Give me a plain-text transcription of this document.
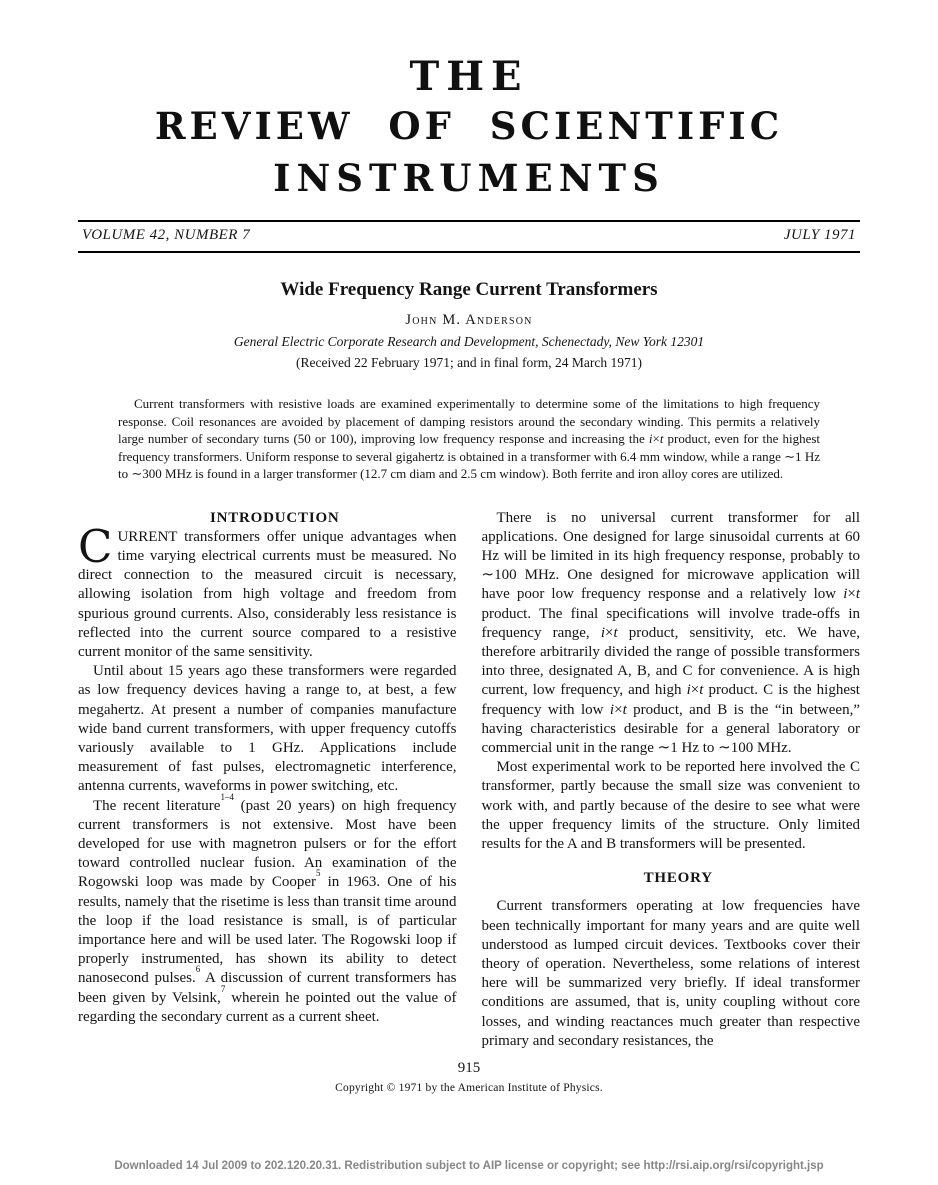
THE
REVIEW OF SCIENTIFIC
INSTRUMENTS
VOLUME 42, NUMBER 7	JULY 1971
Wide Frequency Range Current Transformers
John M. Anderson
General Electric Corporate Research and Development, Schenectady, New York 12301
(Received 22 February 1971; and in final form, 24 March 1971)
Current transformers with resistive loads are examined experimentally to determine some of the limitations to high frequency response. Coil resonances are avoided by placement of damping resistors around the secondary winding. This permits a relatively large number of secondary turns (50 or 100), improving low frequency response and increasing the i×t product, even for the highest frequency transformers. Uniform response to several gigahertz is obtained in a transformer with 6.4 mm window, while a range ∼1 Hz to ∼300 MHz is found in a larger transformer (12.7 cm diam and 2.5 cm window). Both ferrite and iron alloy cores are utilized.

INTRODUCTION

CURRENT transformers offer unique advantages when time varying electrical currents must be measured. No direct connection to the measured circuit is necessary, allowing isolation from high voltage and freedom from spurious ground currents. Also, considerably less resistance is reflected into the current source compared to a resistive current monitor of the same sensitivity.

Until about 15 years ago these transformers were regarded as low frequency devices having a range to, at best, a few megahertz. At present a number of companies manufacture wide band current transformers, with upper frequency cutoffs variously available to 1 GHz. Applications include measurement of fast pulses, electromagnetic interference, antenna currents, waveforms in power switching, etc.

The recent literature$^{1-4}$ (past 20 years) on high frequency current transformers is not extensive. Most have been developed for use with magnetron pulsers or for the effort toward controlled nuclear fusion. An examination of the Rogowski loop was made by Cooper$^5$ in 1963. One of his results, namely that the risetime is less than transit time around the loop if the load resistance is small, is of particular importance here and will be used later. The Rogowski loop if properly instrumented, has shown its ability to detect nanosecond pulses.$^6$ A discussion of current transformers has been given by Velsink,$^7$ wherein he pointed out the value of regarding the secondary current as a current sheet.

There is no universal current transformer for all applications. One designed for large sinusoidal currents at 60 Hz will be limited in its high frequency response, probably to ∼100 MHz. One designed for microwave application will have poor low frequency response and a relatively low i×t product. The final specifications will involve trade-offs in frequency range, i×t product, sensitivity, etc. We have, therefore arbitrarily divided the range of possible transformers into three, designated A, B, and C for convenience. A is high current, low frequency, and high i×t product. C is the highest frequency with low i×t product, and B is the “in between,” having characteristics desirable for a general laboratory or commercial unit in the range ∼1 Hz to ∼100 MHz.

Most experimental work to be reported here involved the C transformer, partly because the small size was convenient to work with, and partly because of the desire to see what were the upper frequency limits of the structure. Only limited results for the A and B transformers will be presented.

THEORY

Current transformers operating at low frequencies have been technically important for many years and are quite well understood as lumped circuit devices. Textbooks cover their theory of operation. Nevertheless, some relations of interest here will be summarized very briefly. If ideal transformer conditions are assumed, that is, unity coupling without core losses, and winding reactances much greater than respective primary and secondary resistances, the

915
Copyright © 1971 by the American Institute of Physics.
Downloaded 14 Jul 2009 to 202.120.20.31. Redistribution subject to AIP license or copyright; see http://rsi.aip.org/rsi/copyright.jsp
